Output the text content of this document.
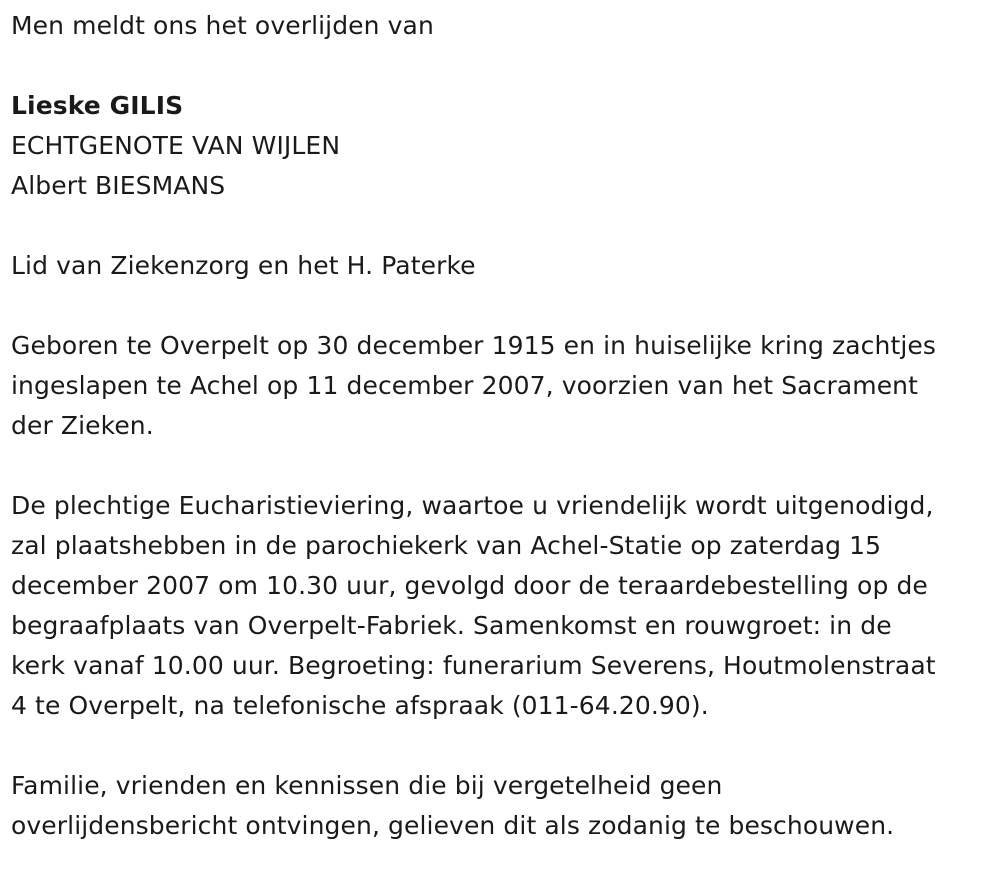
Men meldt ons het overlijden van
Lieske GILIS
ECHTGENOTE VAN WIJLEN
Albert BIESMANS
Lid van Ziekenzorg en het H. Paterke
Geboren te Overpelt op 30 december 1915 en in huiselijke kring zachtjes
ingeslapen te Achel op 11 december 2007, voorzien van het Sacrament
der Zieken.
De plechtige Eucharistieviering, waartoe u vriendelijk wordt uitgenodigd,
zal plaatshebben in de parochiekerk van Achel-Statie op zaterdag 15
december 2007 om 10.30 uur, gevolgd door de teraardebestelling op de
begraafplaats van Overpelt-Fabriek. Samenkomst en rouwgroet: in de
kerk vanaf 10.00 uur. Begroeting: funerarium Severens, Houtmolenstraat
4 te Overpelt, na telefonische afspraak (011-64.20.90).
Familie, vrienden en kennissen die bij vergetelheid geen
overlijdensbericht ontvingen, gelieven dit als zodanig te beschouwen.
